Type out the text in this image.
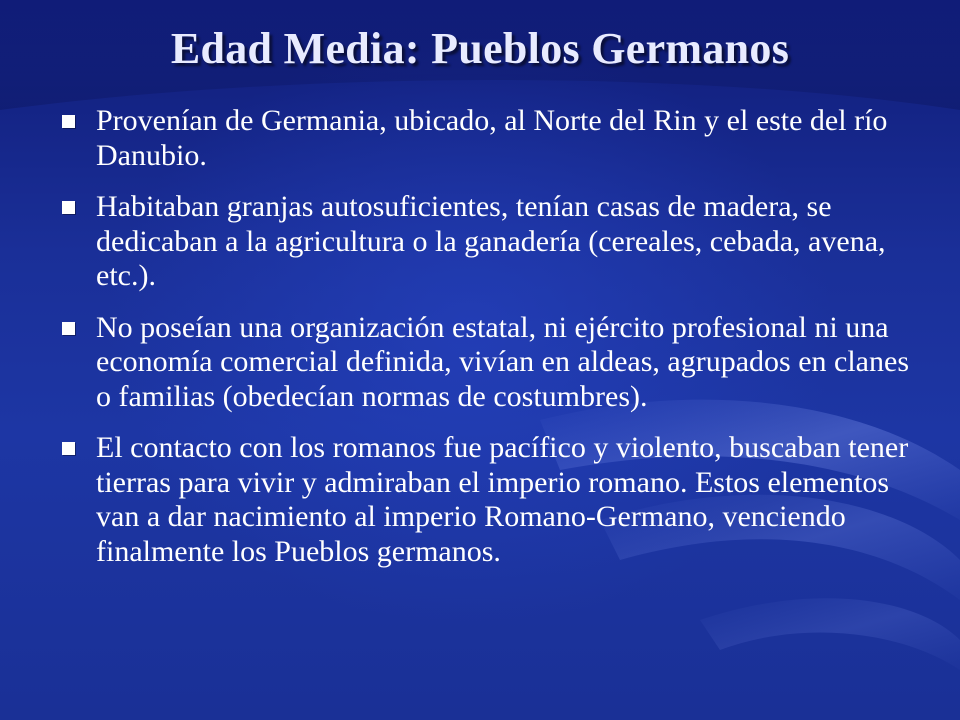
Edad Media: Pueblos Germanos
Provenían de Germania, ubicado, al Norte del Rin y el este del río Danubio.
Habitaban granjas autosuficientes, tenían casas de madera, se dedicaban a la agricultura o la ganadería (cereales, cebada, avena, etc.).
No poseían una organización estatal, ni ejército profesional ni una economía comercial definida, vivían en aldeas, agrupados en clanes o familias (obedecían normas de costumbres).
El contacto con los romanos fue pacífico y violento, buscaban tener tierras para vivir y admiraban el imperio romano. Estos elementos van a dar nacimiento al imperio Romano-Germano, venciendo finalmente los Pueblos germanos.
